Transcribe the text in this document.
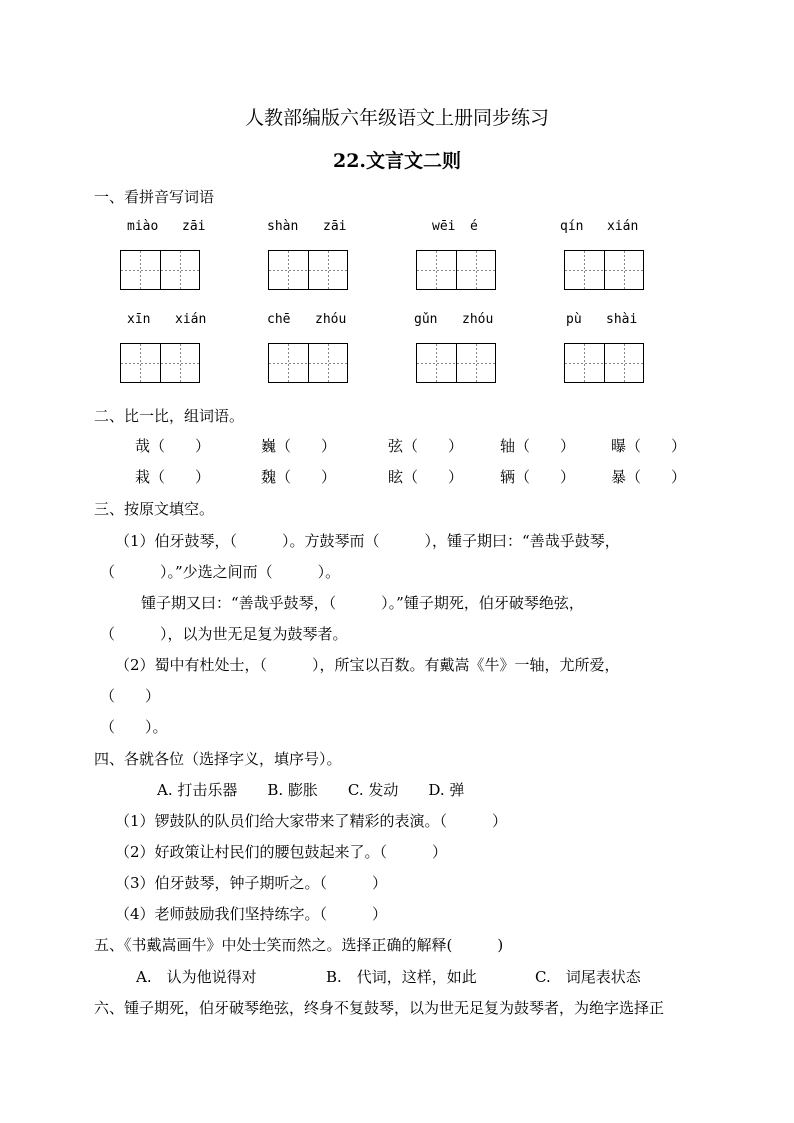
人教部编版六年级语文上册同步练习
22.文言文二则
一、看拼音写词语
miào zāi	shàn zāi	wēi é	qín xián
xīn xián	chē zhóu	gǔn zhóu	pù shài
二、比一比，组词语。
哉（　　）	巍（　　）	弦（　　） 轴（　　） 曝（　　）
栽（　　）	魏（　　）	眩（　　） 辆（　　） 暴（　　）
三、按原文填空。
（1）伯牙鼓琴，（　　　）。方鼓琴而（　　　），锺子期曰：“善哉乎鼓琴，
（　　　）。”少选之间而（　　　）。
锺子期又曰：“善哉乎鼓琴，（　　　）。”锺子期死，伯牙破琴绝弦，
（　　　），以为世无足复为鼓琴者。
（2）蜀中有杜处士，（　　　），所宝以百数。有戴嵩《牛》一轴，尤所爱，
（　　）
（　　）。
四、各就各位（选择字义，填序号）。
A. 打击乐器　　B. 膨胀　　C. 发动　　D. 弹
（1）锣鼓队的队员们给大家带来了精彩的表演。（　　　）
（2）好政策让村民们的腰包鼓起来了。（　　　）
（3）伯牙鼓琴，钟子期听之。（　　　）
（4）老师鼓励我们坚持练字。（　　　）
五、《书戴嵩画牛》中处士笑而然之。选择正确的解释(　　　)
A.　认为他说得对	B.　代词，这样，如此	C.　词尾表状态
六、锺子期死，伯牙破琴绝弦，终身不复鼓琴，以为世无足复为鼓琴者，为绝字选择正
